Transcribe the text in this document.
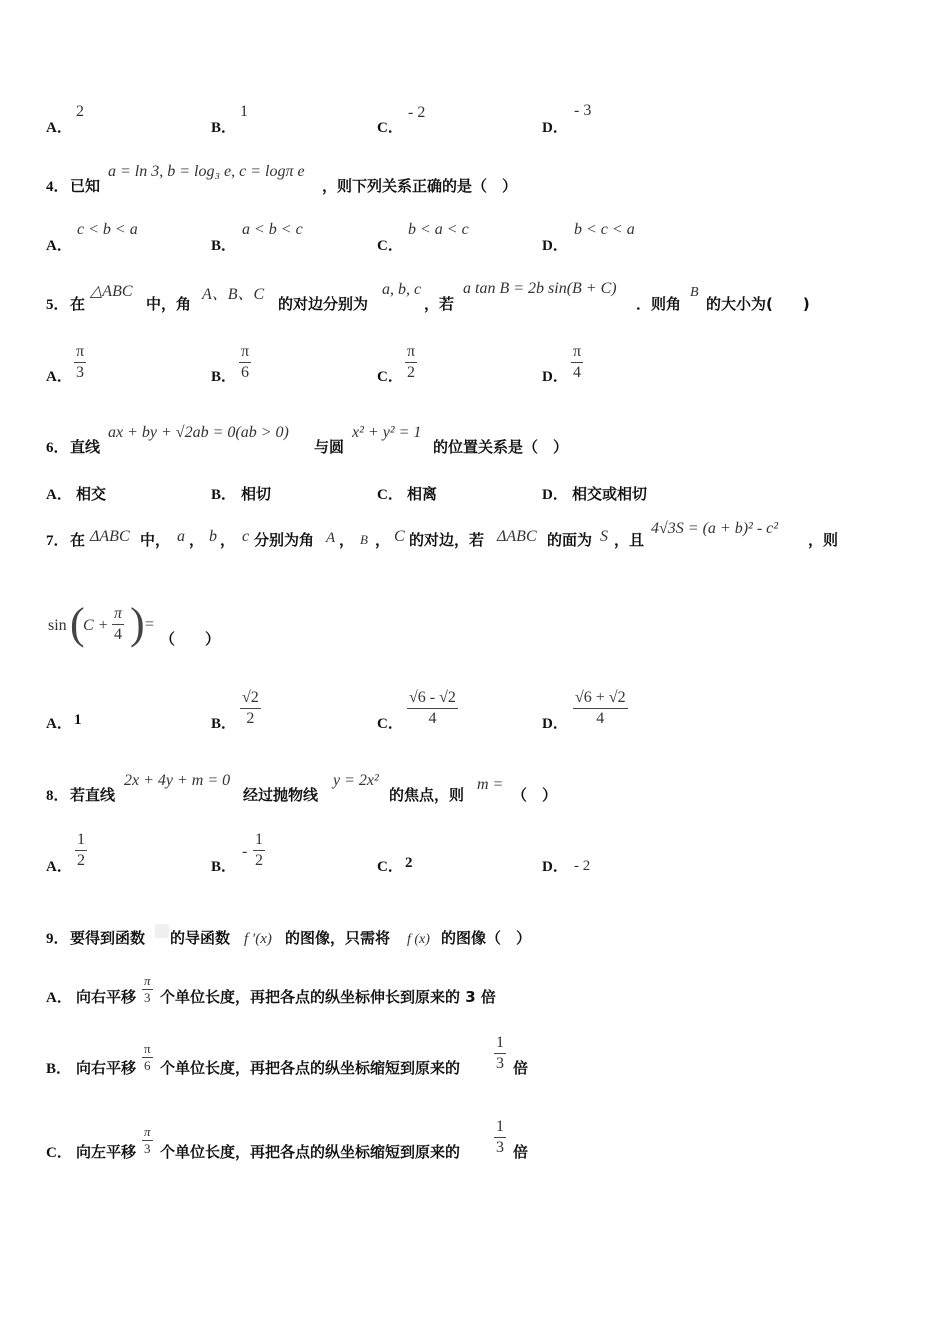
A．
2
B．
1
C．
- 2
D．
- 3
4． 已知
a = ln 3, b = log₃ e, c = logπ e
，则下列关系正确的是（　）
A．
c < b < a
B．
a < b < c
C．
b < a < c
D．
b < c < a
5． 在
△ABC
中，角
A、B、C
的对边分别为
a, b, c
，若
a tan B = 2b sin(B + C)
．则角
B
的大小为(　　)
A． $\frac{\pi}{3}$	B． $\frac{\pi}{6}$	C． $\frac{\pi}{2}$	D． $\frac{\pi}{4}$
6． 直线
ax + by + √2ab = 0(ab > 0)
与圆
x² + y² = 1
的位置关系是（　）
A． 相交	B． 相切	C． 相离	D． 相交或相切
7． 在 ΔABC 中， a ， b ， c 分别为角 A ， B ， C 的对边，若 ΔABC 的面为 S ，且
4√3S = (a + b)² - c²
，则
sin (
$C + \frac{\pi}{4}$ ) =
（　　）
A． 1	B． $\frac{√2}{2}$	C． $\frac{√6 - √2}{4}$	D． $\frac{√6 + √2}{4}$
8． 若直线
2x + 4y + m = 0
经过抛物线
y = 2x²
的焦点，则
m =
（　）
A． $\frac{1}{2}$	B．
- $\frac{1}{2}$	C． 2	D． - 2
9． 要得到函数 的导函数 f ′(x) 的图像，只需将 f (x) 的图像（　）
A． 向右平移 $\frac{\pi}{3}$ 个单位长度，再把各点的纵坐标伸长到原来的 3 倍
B． 向右平移 $\frac{\pi}{6}$ 个单位长度，再把各点的纵坐标缩短到原来的 $\frac{1}{3}$ 倍
C． 向左平移 $\frac{\pi}{3}$ 个单位长度，再把各点的纵坐标缩短到原来的 $\frac{1}{3}$ 倍
